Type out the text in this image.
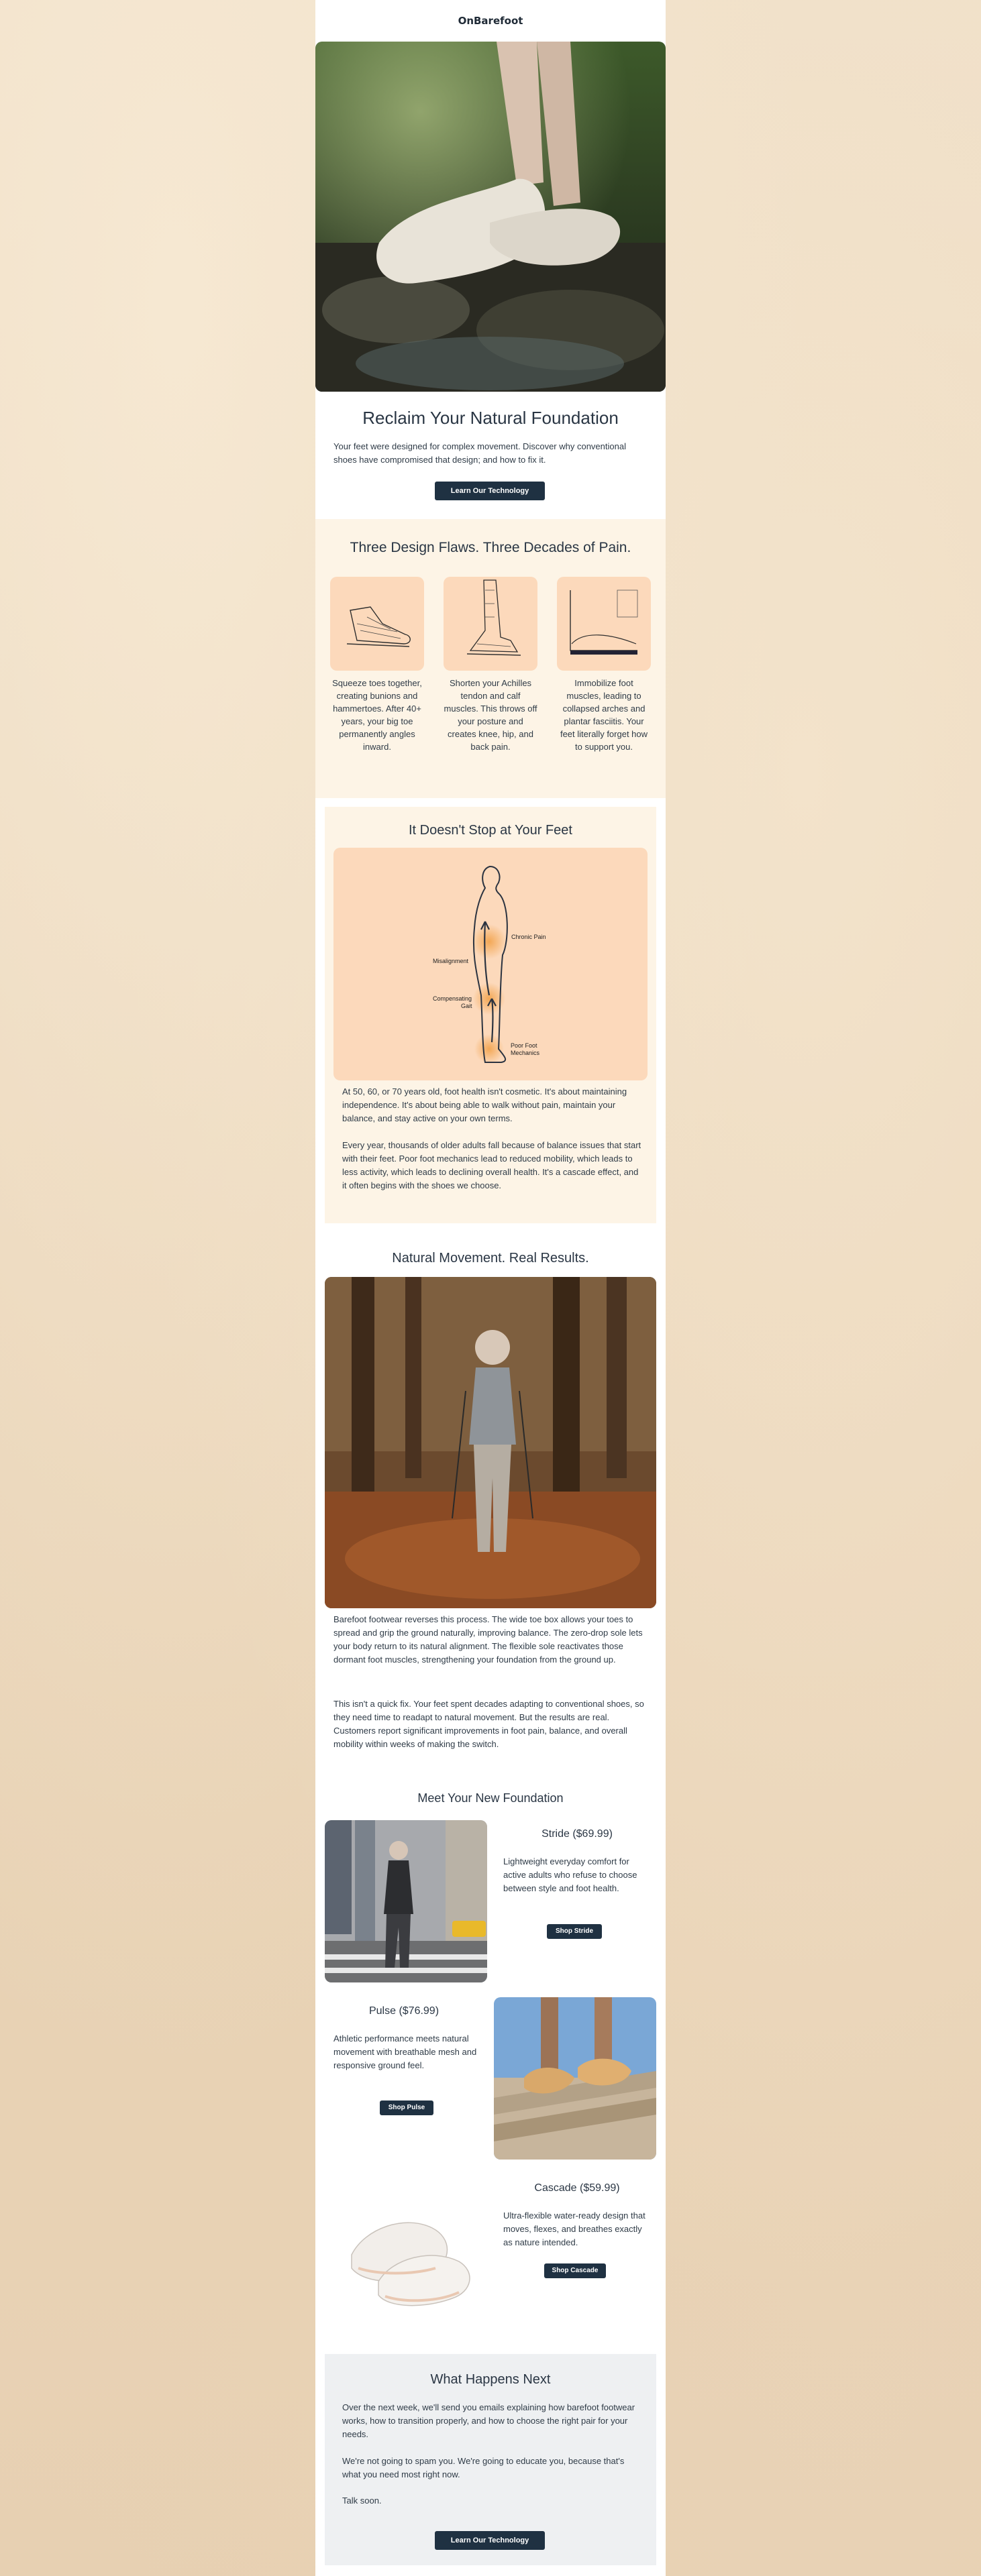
OnBarefoot
Reclaim Your Natural Foundation

Your feet were designed for complex movement. Discover why conventional shoes have compromised that design; and how to fix it.

Learn Our Technology
Three Design Flaws. Three Decades of Pain.

Squeeze toes together, creating bunions and hammertoes. After 40+ years, your big toe permanently angles inward.

Shorten your Achilles tendon and calf muscles. This throws off your posture and creates knee, hip, and back pain.

Immobilize foot muscles, leading to collapsed arches and plantar fasciitis. Your feet literally forget how to support you.

It Doesn't Stop at Your Feet
Chronic Pain
Misalignment
Compensating
Gait
Poor Foot
Mechanics

At 50, 60, or 70 years old, foot health isn't cosmetic. It's about maintaining independence. It's about being able to walk without pain, maintain your balance, and stay active on your own terms.

Every year, thousands of older adults fall because of balance issues that start with their feet. Poor foot mechanics lead to reduced mobility, which leads to less activity, which leads to declining overall health. It's a cascade effect, and it often begins with the shoes we choose.

Natural Movement. Real Results.

Barefoot footwear reverses this process. The wide toe box allows your toes to spread and grip the ground naturally, improving balance. The zero-drop sole lets your body return to its natural alignment. The flexible sole reactivates those dormant foot muscles, strengthening your foundation from the ground up.

This isn't a quick fix. Your feet spent decades adapting to conventional shoes, so they need time to readapt to natural movement. But the results are real. Customers report significant improvements in foot pain, balance, and overall mobility within weeks of making the switch.

Meet Your New Foundation
Stride ($69.99)

Lightweight everyday comfort for active adults who refuse to choose between style and foot health.

Shop Stride
Pulse ($76.99)

Athletic performance meets natural movement with breathable mesh and responsive ground feel.

Shop Pulse
Cascade ($59.99)

Ultra-flexible water-ready design that moves, flexes, and breathes exactly as nature intended.

Shop Cascade
What Happens Next

Over the next week, we'll send you emails explaining how barefoot footwear works, how to transition properly, and how to choose the right pair for your needs.

We're not going to spam you. We're going to educate you, because that's what you need most right now.

Talk soon.

Learn Our Technology
